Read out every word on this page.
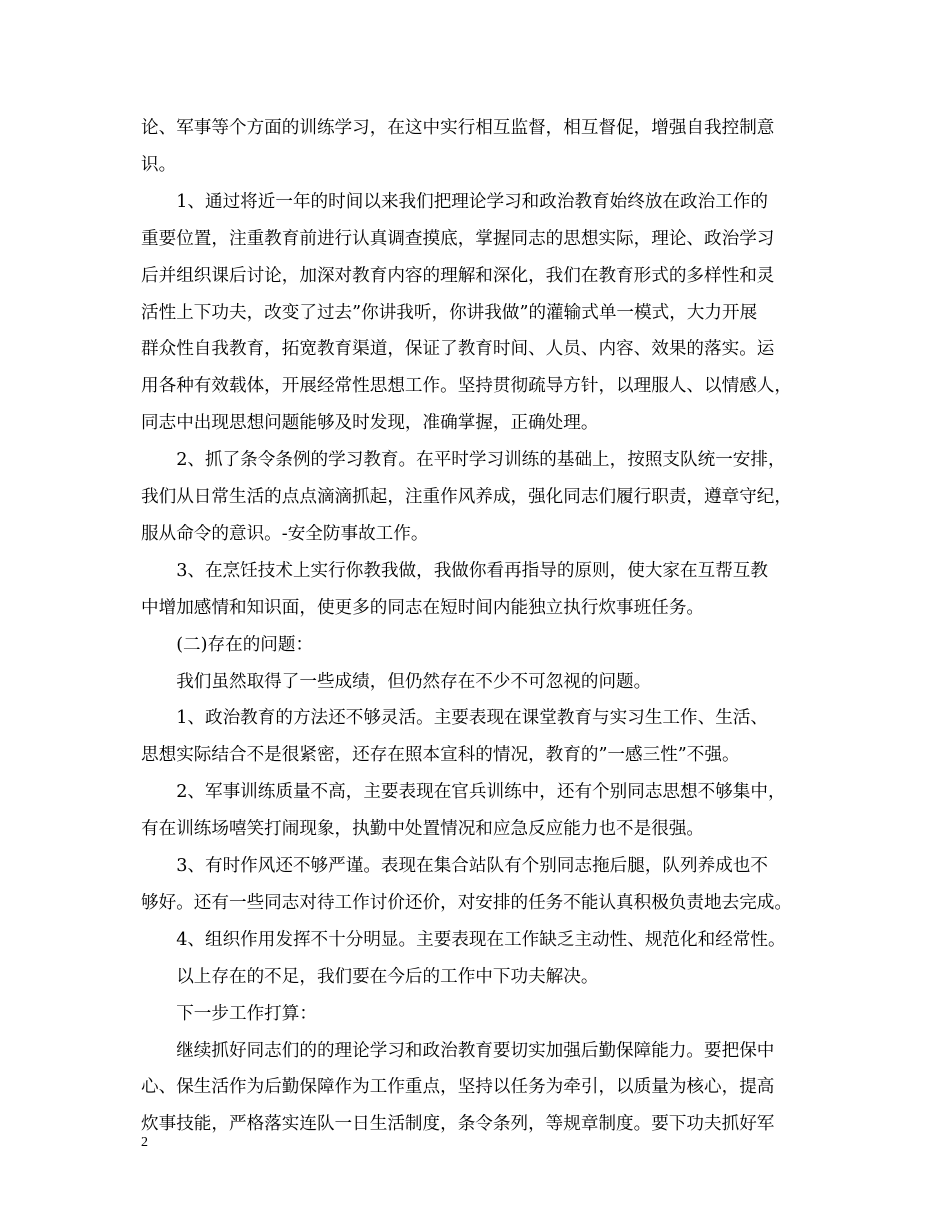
论、军事等个方面的训练学习，在这中实行相互监督，相互督促，增强自我控制意
识。
　　1、通过将近一年的时间以来我们把理论学习和政治教育始终放在政治工作的
重要位置，注重教育前进行认真调查摸底，掌握同志的思想实际，理论、政治学习
后并组织课后讨论，加深对教育内容的理解和深化，我们在教育形式的多样性和灵
活性上下功夫，改变了过去”你讲我听，你讲我做”的灌输式单一模式，大力开展
群众性自我教育，拓宽教育渠道，保证了教育时间、人员、内容、效果的落实。运
用各种有效载体，开展经常性思想工作。坚持贯彻疏导方针，以理服人、以情感人，
同志中出现思想问题能够及时发现，准确掌握，正确处理。
　　2、抓了条令条例的学习教育。在平时学习训练的基础上，按照支队统一安排，
我们从日常生活的点点滴滴抓起，注重作风养成，强化同志们履行职责，遵章守纪，
服从命令的意识。-安全防事故工作。
　　3、在烹饪技术上实行你教我做，我做你看再指导的原则，使大家在互帮互教
中增加感情和知识面，使更多的同志在短时间内能独立执行炊事班任务。
　　(二)存在的问题：
　　我们虽然取得了一些成绩，但仍然存在不少不可忽视的问题。
　　1、政治教育的方法还不够灵活。主要表现在课堂教育与实习生工作、生活、
思想实际结合不是很紧密，还存在照本宣科的情况，教育的”一感三性”不强。
　　2、军事训练质量不高，主要表现在官兵训练中，还有个别同志思想不够集中，
有在训练场嘻笑打闹现象，执勤中处置情况和应急反应能力也不是很强。
　　3、有时作风还不够严谨。表现在集合站队有个别同志拖后腿，队列养成也不
够好。还有一些同志对待工作讨价还价，对安排的任务不能认真积极负责地去完成。
　　4、组织作用发挥不十分明显。主要表现在工作缺乏主动性、规范化和经常性。
　　以上存在的不足，我们要在今后的工作中下功夫解决。
　　下一步工作打算：
　　继续抓好同志们的的理论学习和政治教育要切实加强后勤保障能力。要把保中
心、保生活作为后勤保障作为工作重点，坚持以任务为牵引，以质量为核心，提高
炊事技能，严格落实连队一日生活制度，条令条列，等规章制度。要下功夫抓好军
2
